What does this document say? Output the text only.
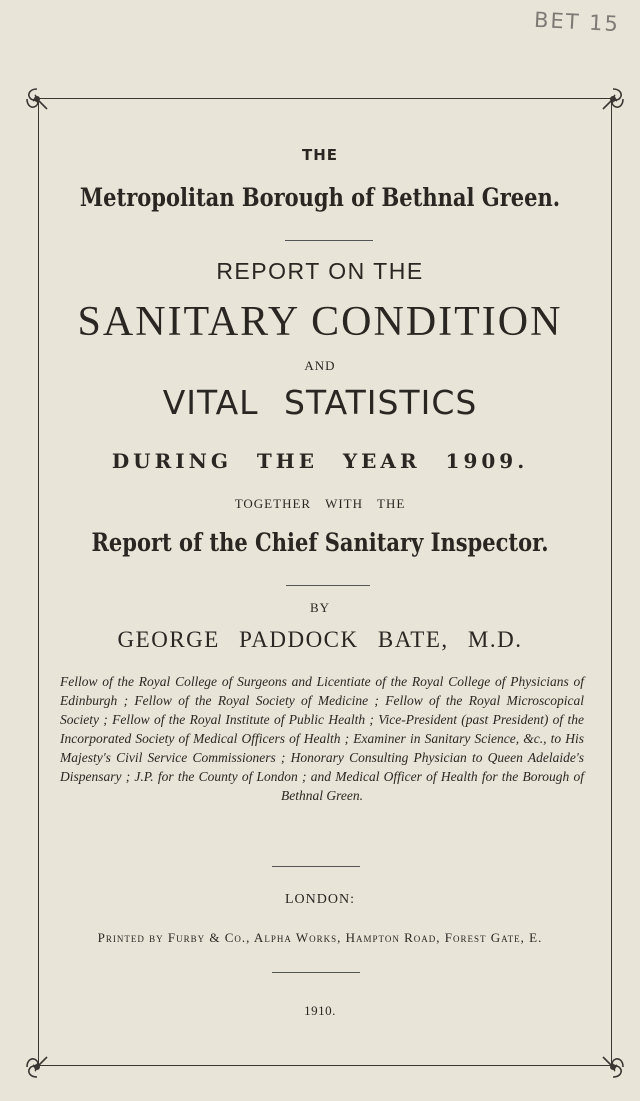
BET 15
THE
Metropolitan Borough of Bethnal Green.
REPORT ON THE
SANITARY CONDITION
AND
VITAL STATISTICS
DURING THE YEAR 1909.
TOGETHER WITH THE
Report of the Chief Sanitary Inspector.
BY
GEORGE PADDOCK BATE, M.D.
Fellow of the Royal College of Surgeons and Licentiate of the Royal College of Physicians of Edinburgh ; Fellow of the Royal Society of Medicine ; Fellow of the Royal Microscopical Society ; Fellow of the Royal Institute of Public Health ; Vice-President (past President) of the Incorporated Society of Medical Officers of Health ; Examiner in Sanitary Science, &c., to His Majesty's Civil Service Commissioners ; Honorary Consulting Physician to Queen Adelaide's Dispensary ; J.P. for the County of London ; and Medical Officer of Health for the Borough of Bethnal Green.
LONDON:
Printed by Furby & Co., Alpha Works, Hampton Road, Forest Gate, E.
1910.
